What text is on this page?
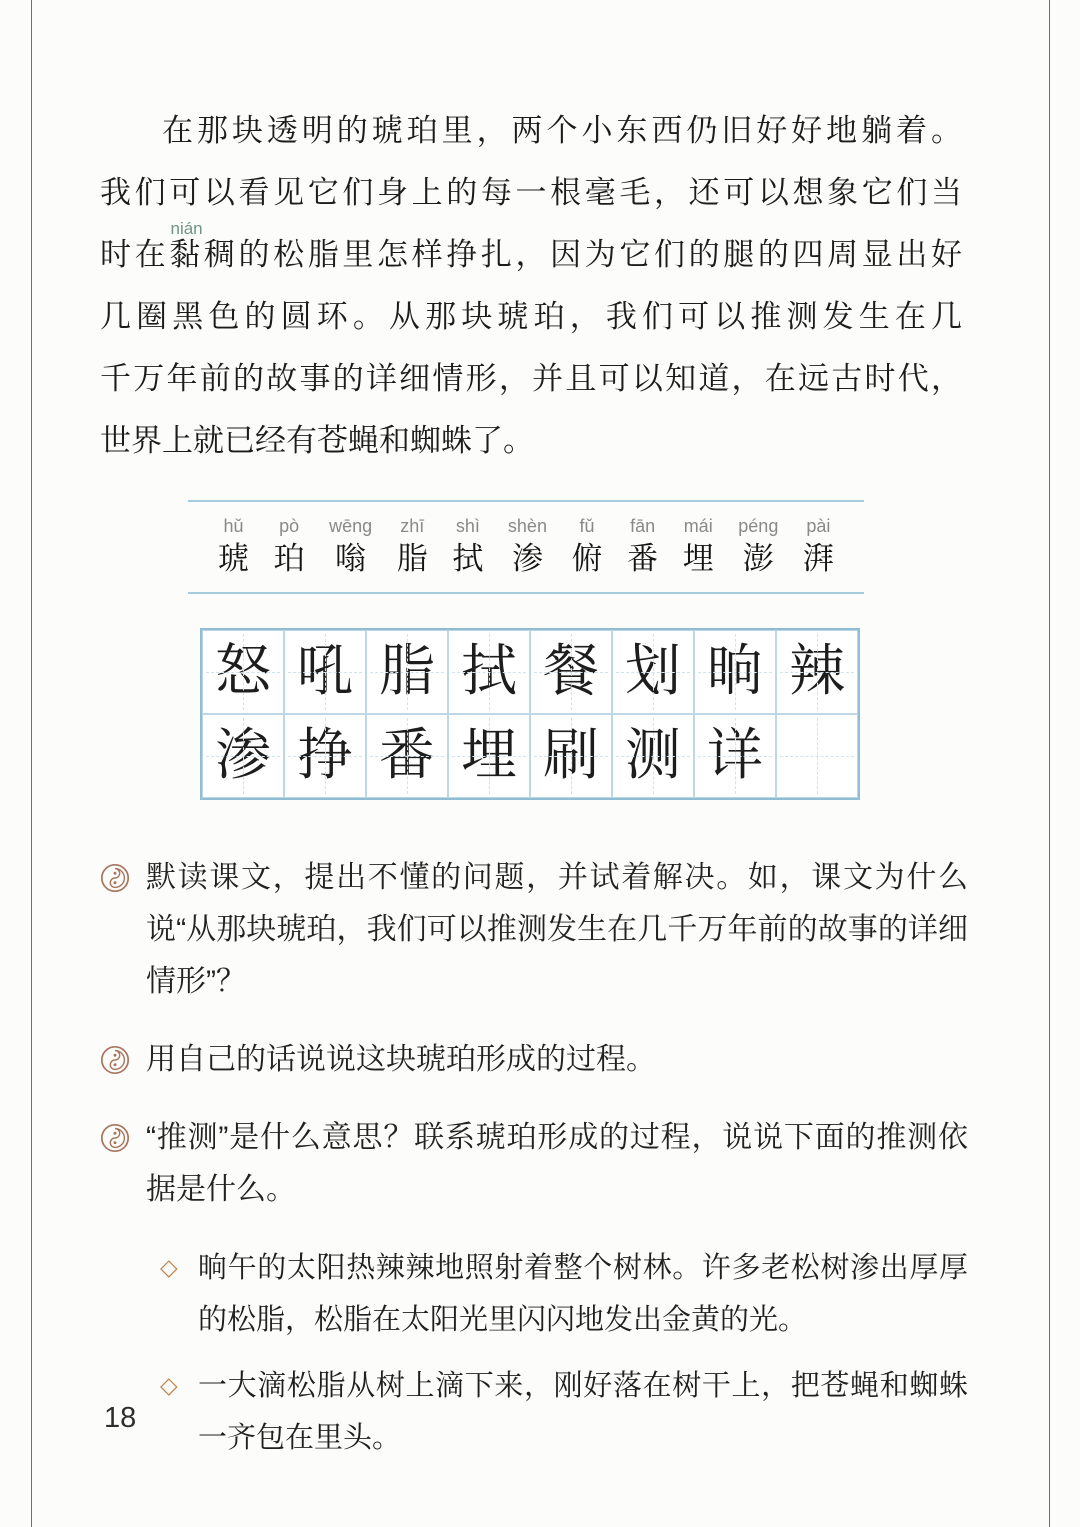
在那块透明的琥珀里，两个小东西仍旧好好地躺着。
我们可以看见它们身上的每一根毫毛，还可以想象它们当
时在
nián
黏稠的松脂里怎样挣扎，因为它们的腿的四周显出好
几圈黑色的圆环。从那块琥珀，我们可以推测发生在几
千万年前的故事的详细情形，并且可以知道，在远古时代，
世界上就已经有苍蝇和蜘蛛了。
hǔ
琥
pò
珀
wēng
嗡
zhī
脂
shì
拭
shèn
渗
fǔ
俯
fān
番
mái
埋
péng
澎
pài
湃
怒 吼 脂 拭 餐 划 晌 辣
渗 挣 番 埋 刷 测 详
默读课文，提出不懂的问题，并试着解决。如，课文为什么说“从那块琥珀，我们可以推测发生在几千万年前的故事的详细情形”？
用自己的话说说这块琥珀形成的过程。
“推测”是什么意思？联系琥珀形成的过程，说说下面的推测依据是什么。
◇ 晌午的太阳热辣辣地照射着整个树林。许多老松树渗出厚厚的松脂，松脂在太阳光里闪闪地发出金黄的光。
◇ 一大滴松脂从树上滴下来，刚好落在树干上，把苍蝇和蜘蛛一齐包在里头。
18
